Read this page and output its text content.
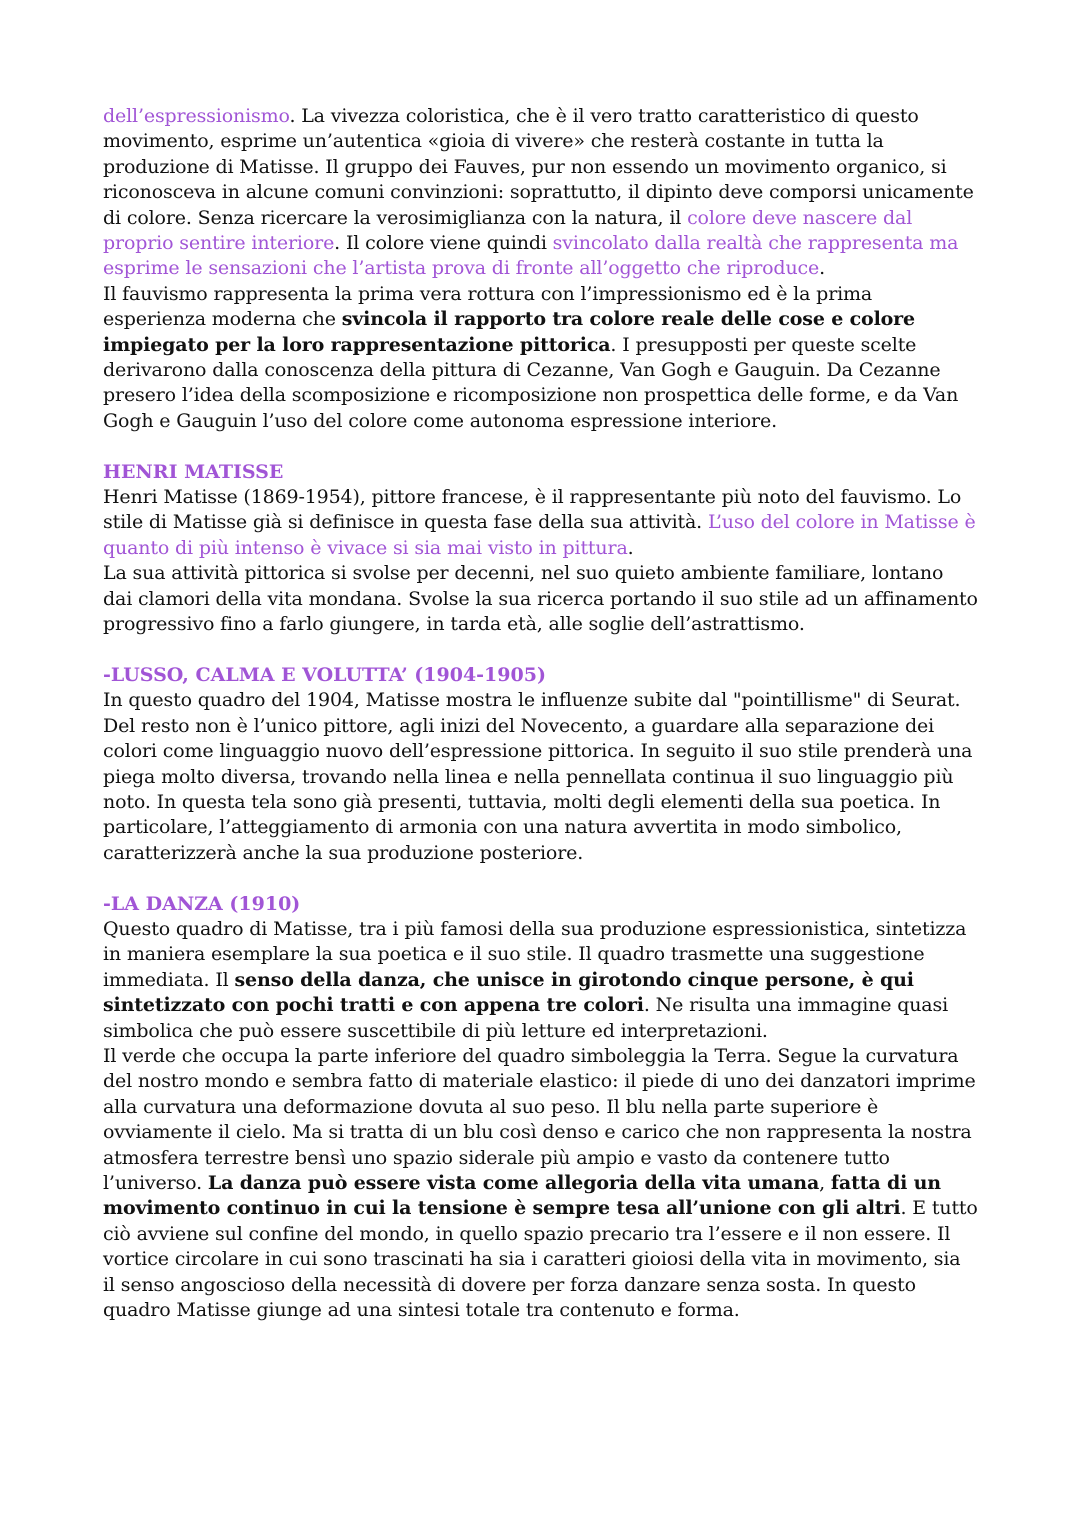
dell’espressionismo. La vivezza coloristica, che è il vero tratto caratteristico di questo movimento, esprime un’autentica «gioia di vivere» che resterà costante in tutta la produzione di Matisse. Il gruppo dei Fauves, pur non essendo un movimento organico, si riconosceva in alcune comuni convinzioni: soprattutto, il dipinto deve comporsi unicamente di colore. Senza ricercare la verosimiglianza con la natura, il colore deve nascere dal proprio sentire interiore. Il colore viene quindi svincolato dalla realtà che rappresenta ma esprime le sensazioni che l’artista prova di fronte all’oggetto che riproduce.

Il fauvismo rappresenta la prima vera rottura con l’impressionismo ed è la prima esperienza moderna che svincola il rapporto tra colore reale delle cose e colore impiegato per la loro rappresentazione pittorica. I presupposti per queste scelte derivarono dalla conoscenza della pittura di Cezanne, Van Gogh e Gauguin. Da Cezanne presero l’idea della scomposizione e ricomposizione non prospettica delle forme, e da Van Gogh e Gauguin l’uso del colore come autonoma espressione interiore.

HENRI MATISSE

Henri Matisse (1869-1954), pittore francese, è il rappresentante più noto del fauvismo. Lo stile di Matisse già si definisce in questa fase della sua attività. L’uso del colore in Matisse è quanto di più intenso è vivace si sia mai visto in pittura.

La sua attività pittorica si svolse per decenni, nel suo quieto ambiente familiare, lontano dai clamori della vita mondana. Svolse la sua ricerca portando il suo stile ad un affinamento progressivo fino a farlo giungere, in tarda età, alle soglie dell’astrattismo.

-LUSSO, CALMA E VOLUTTA’ (1904-1905)

In questo quadro del 1904, Matisse mostra le influenze subite dal "pointillisme" di Seurat. Del resto non è l’unico pittore, agli inizi del Novecento, a guardare alla separazione dei colori come linguaggio nuovo dell’espressione pittorica. In seguito il suo stile prenderà una piega molto diversa, trovando nella linea e nella pennellata continua il suo linguaggio più noto. In questa tela sono già presenti, tuttavia, molti degli elementi della sua poetica. In particolare, l’atteggiamento di armonia con una natura avvertita in modo simbolico, caratterizzerà anche la sua produzione posteriore.

-LA DANZA (1910)

Questo quadro di Matisse, tra i più famosi della sua produzione espressionistica, sintetizza in maniera esemplare la sua poetica e il suo stile. Il quadro trasmette una suggestione immediata. Il senso della danza, che unisce in girotondo cinque persone, è qui sintetizzato con pochi tratti e con appena tre colori. Ne risulta una immagine quasi simbolica che può essere suscettibile di più letture ed interpretazioni.

Il verde che occupa la parte inferiore del quadro simboleggia la Terra. Segue la curvatura del nostro mondo e sembra fatto di materiale elastico: il piede di uno dei danzatori imprime alla curvatura una deformazione dovuta al suo peso. Il blu nella parte superiore è ovviamente il cielo. Ma si tratta di un blu così denso e carico che non rappresenta la nostra atmosfera terrestre bensì uno spazio siderale più ampio e vasto da contenere tutto l’universo. La danza può essere vista come allegoria della vita umana, fatta di un movimento continuo in cui la tensione è sempre tesa all’unione con gli altri. E tutto ciò avviene sul confine del mondo, in quello spazio precario tra l’essere e il non essere. Il vortice circolare in cui sono trascinati ha sia i caratteri gioiosi della vita in movimento, sia il senso angoscioso della necessità di dovere per forza danzare senza sosta. In questo quadro Matisse giunge ad una sintesi totale tra contenuto e forma.
